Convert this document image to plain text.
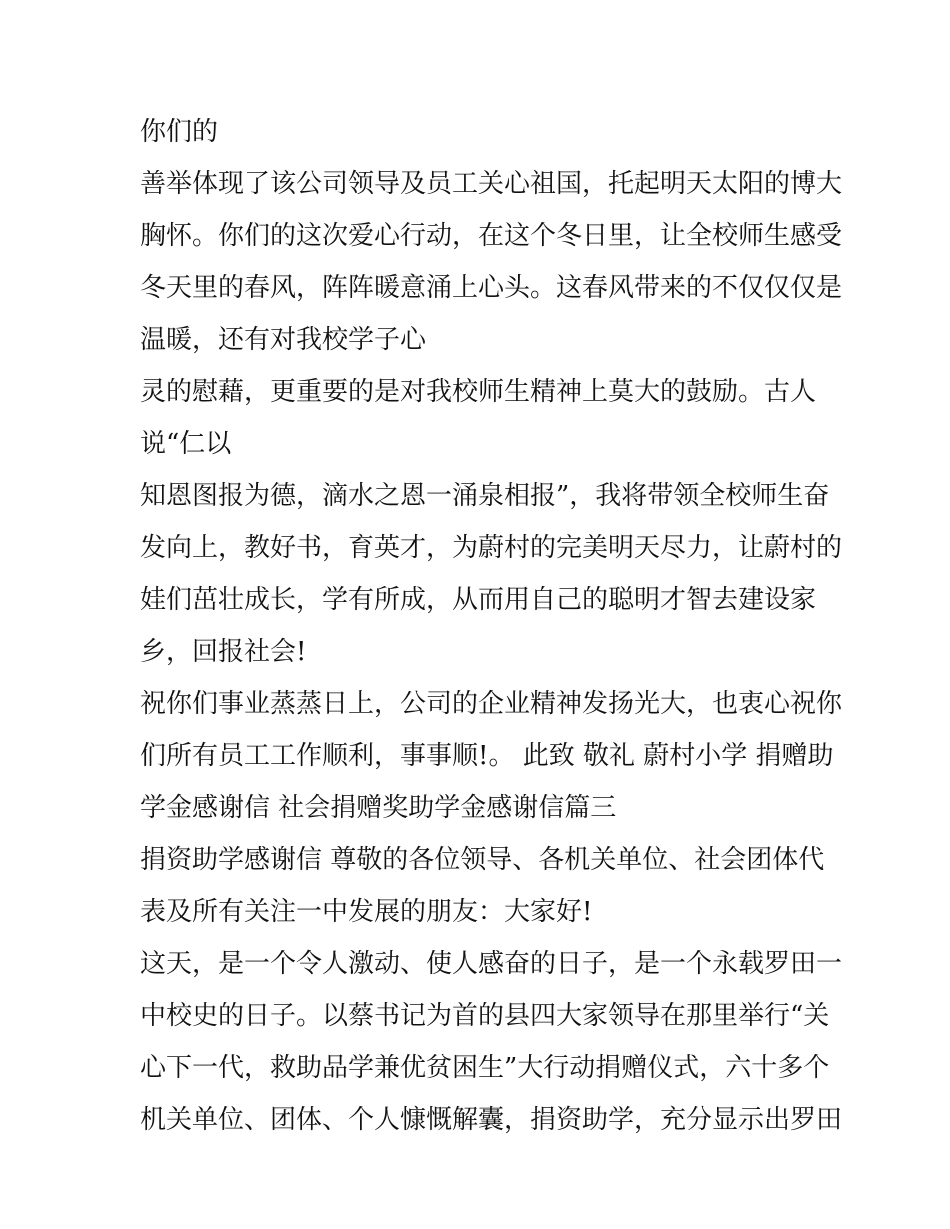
你们的
善举体现了该公司领导及员工关心祖国，托起明天太阳的博大
胸怀。你们的这次爱心行动，在这个冬日里，让全校师生感受
冬天里的春风，阵阵暖意涌上心头。这春风带来的不仅仅仅是
温暖，还有对我校学子心
灵的慰藉，更重要的是对我校师生精神上莫大的鼓励。古人
说“仁以
知恩图报为德，滴水之恩一涌泉相报”，我将带领全校师生奋
发向上，教好书，育英才，为蔚村的完美明天尽力，让蔚村的
娃们茁壮成长，学有所成，从而用自己的聪明才智去建设家
乡，回报社会!
祝你们事业蒸蒸日上，公司的企业精神发扬光大，也衷心祝你
们所有员工工作顺利，事事顺!。 此致 敬礼 蔚村小学 捐赠助
学金感谢信 社会捐赠奖助学金感谢信篇三
捐资助学感谢信 尊敬的各位领导、各机关单位、社会团体代
表及所有关注一中发展的朋友：大家好!
这天，是一个令人激动、使人感奋的日子，是一个永载罗田一
中校史的日子。以蔡书记为首的县四大家领导在那里举行“关
心下一代，救助品学兼优贫困生”大行动捐赠仪式，六十多个
机关单位、团体、个人慷慨解囊，捐资助学，充分显示出罗田
